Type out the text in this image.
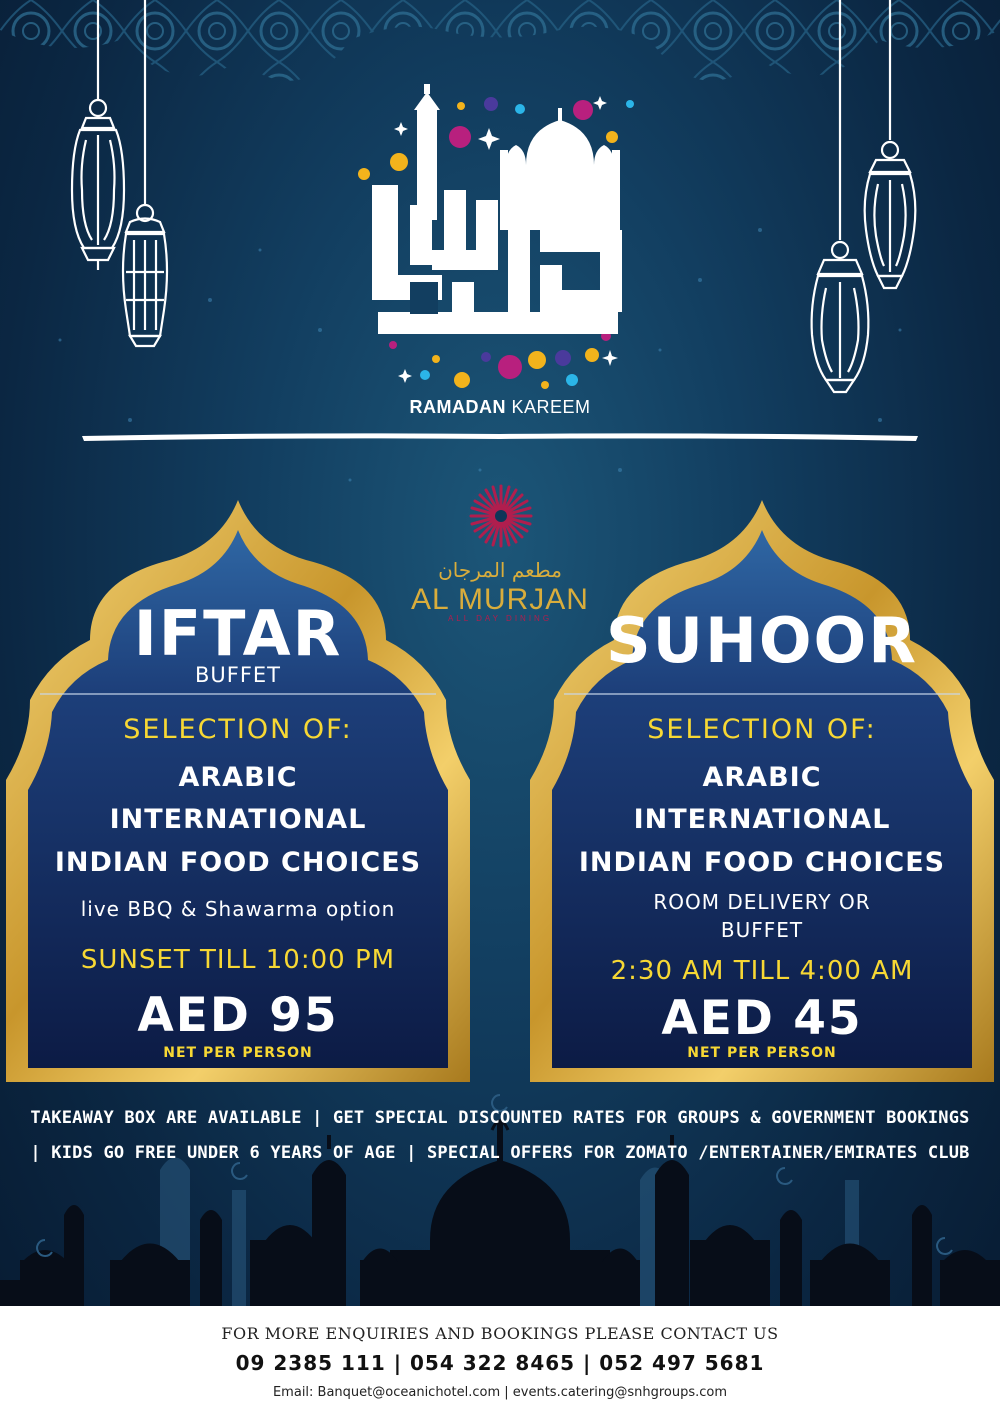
RAMADAN KAREEM
مطعم المرجان
AL MURJAN
ALL DAY DINING
IFTAR
BUFFET
SELECTION OF:
ARABIC
INTERNATIONAL
INDIAN FOOD CHOICES
live BBQ & Shawarma option
SUNSET TILL 10:00 PM
AED 95
NET PER PERSON
SUHOOR
SELECTION OF:
ARABIC
INTERNATIONAL
INDIAN FOOD CHOICES
ROOM DELIVERY OR
BUFFET
2:30 AM TILL 4:00 AM
AED 45
NET PER PERSON
TAKEAWAY BOX ARE AVAILABLE | GET SPECIAL DISCOUNTED RATES FOR GROUPS & GOVERNMENT BOOKINGS
| KIDS GO FREE UNDER 6 YEARS OF AGE | SPECIAL OFFERS FOR ZOMATO /ENTERTAINER/EMIRATES CLUB
FOR MORE ENQUIRIES AND BOOKINGS PLEASE CONTACT US
09 2385 111 | 054 322 8465 | 052 497 5681
Email: Banquet@oceanichotel.com | events.catering@snhgroups.com
